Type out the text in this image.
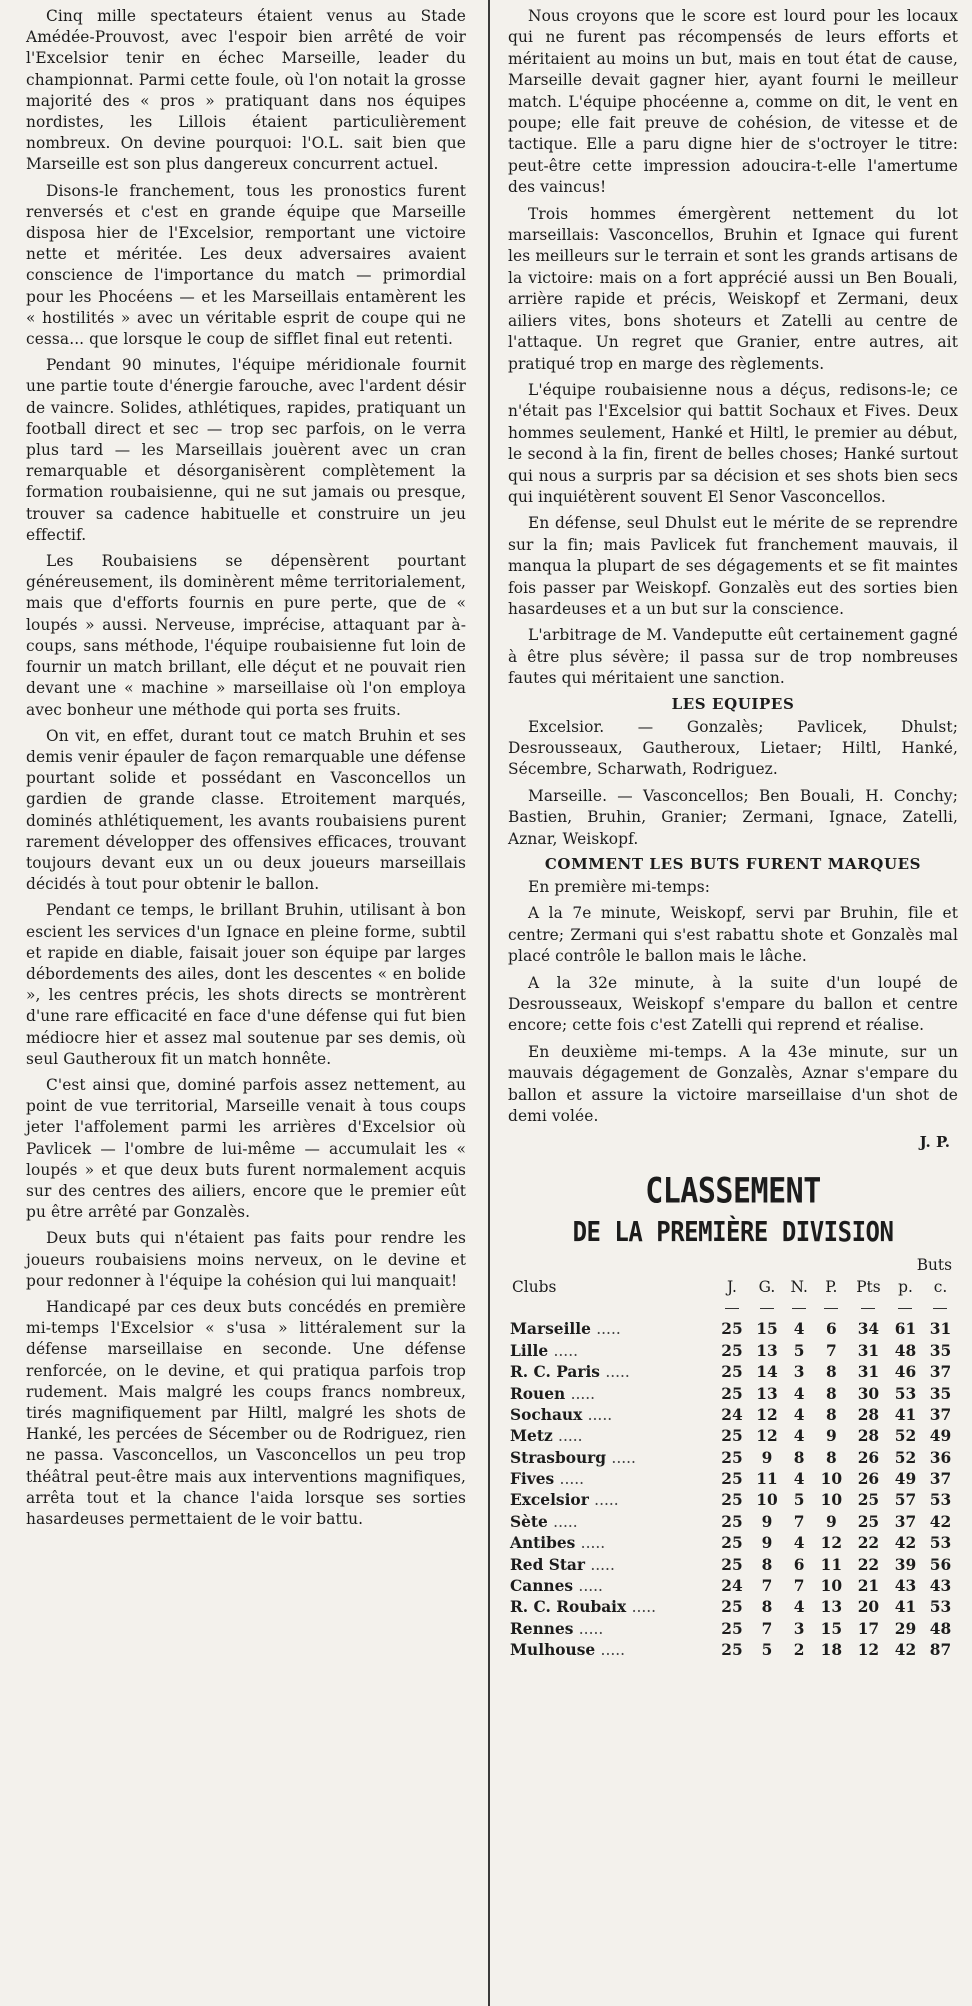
Cinq mille spectateurs étaient venus au Stade Amédée-Prouvost, avec l'espoir bien arrêté de voir l'Excelsior tenir en échec Marseille, leader du championnat. Parmi cette foule, où l'on notait la grosse majorité des « pros » pratiquant dans nos équipes nordistes, les Lillois étaient particulièrement nombreux. On devine pourquoi: l'O.L. sait bien que Marseille est son plus dangereux concurrent actuel.

Disons-le franchement, tous les pronostics furent renversés et c'est en grande équipe que Marseille disposa hier de l'Excelsior, remportant une victoire nette et méritée. Les deux adversaires avaient conscience de l'importance du match — primordial pour les Phocéens — et les Marseillais entamèrent les « hostilités » avec un véritable esprit de coupe qui ne cessa... que lorsque le coup de sifflet final eut retenti.

Pendant 90 minutes, l'équipe méridionale fournit une partie toute d'énergie farouche, avec l'ardent désir de vaincre. Solides, athlétiques, rapides, pratiquant un football direct et sec — trop sec parfois, on le verra plus tard — les Marseillais jouèrent avec un cran remarquable et désorganisèrent complètement la formation roubaisienne, qui ne sut jamais ou presque, trouver sa cadence habituelle et construire un jeu effectif.

Les Roubaisiens se dépensèrent pourtant généreusement, ils dominèrent même territorialement, mais que d'efforts fournis en pure perte, que de « loupés » aussi. Nerveuse, imprécise, attaquant par à-coups, sans méthode, l'équipe roubaisienne fut loin de fournir un match brillant, elle déçut et ne pouvait rien devant une « machine » marseillaise où l'on employa avec bonheur une méthode qui porta ses fruits.

On vit, en effet, durant tout ce match Bruhin et ses demis venir épauler de façon remarquable une défense pourtant solide et possédant en Vasconcellos un gardien de grande classe. Etroitement marqués, dominés athlétiquement, les avants roubaisiens purent rarement développer des offensives efficaces, trouvant toujours devant eux un ou deux joueurs marseillais décidés à tout pour obtenir le ballon.

Pendant ce temps, le brillant Bruhin, utilisant à bon escient les services d'un Ignace en pleine forme, subtil et rapide en diable, faisait jouer son équipe par larges débordements des ailes, dont les descentes « en bolide », les centres précis, les shots directs se montrèrent d'une rare efficacité en face d'une défense qui fut bien médiocre hier et assez mal soutenue par ses demis, où seul Gautheroux fit un match honnête.

C'est ainsi que, dominé parfois assez nettement, au point de vue territorial, Marseille venait à tous coups jeter l'affolement parmi les arrières d'Excelsior où Pavlicek — l'ombre de lui-même — accumulait les « loupés » et que deux buts furent normalement acquis sur des centres des ailiers, encore que le premier eût pu être arrêté par Gonzalès.

Deux buts qui n'étaient pas faits pour rendre les joueurs roubaisiens moins nerveux, on le devine et pour redonner à l'équipe la cohésion qui lui manquait!

Handicapé par ces deux buts concédés en première mi-temps l'Excelsior « s'usa » littéralement sur la défense marseillaise en seconde. Une défense renforcée, on le devine, et qui pratiqua parfois trop rudement. Mais malgré les coups francs nombreux, tirés magnifiquement par Hiltl, malgré les shots de Hanké, les percées de Sécember ou de Rodriguez, rien ne passa. Vasconcellos, un Vasconcellos un peu trop théâtral peut-être mais aux interventions magnifiques, arrêta tout et la chance l'aida lorsque ses sorties hasardeuses permettaient de le voir battu.

Nous croyons que le score est lourd pour les locaux qui ne furent pas récompensés de leurs efforts et méritaient au moins un but, mais en tout état de cause, Marseille devait gagner hier, ayant fourni le meilleur match. L'équipe phocéenne a, comme on dit, le vent en poupe; elle fait preuve de cohésion, de vitesse et de tactique. Elle a paru digne hier de s'octroyer le titre: peut-être cette impression adoucira-t-elle l'amertume des vaincus!

Trois hommes émergèrent nettement du lot marseillais: Vasconcellos, Bruhin et Ignace qui furent les meilleurs sur le terrain et sont les grands artisans de la victoire: mais on a fort apprécié aussi un Ben Bouali, arrière rapide et précis, Weiskopf et Zermani, deux ailiers vites, bons shoteurs et Zatelli au centre de l'attaque. Un regret que Granier, entre autres, ait pratiqué trop en marge des règlements.

L'équipe roubaisienne nous a déçus, redisons-le; ce n'était pas l'Excelsior qui battit Sochaux et Fives. Deux hommes seulement, Hanké et Hiltl, le premier au début, le second à la fin, firent de belles choses; Hanké surtout qui nous a surpris par sa décision et ses shots bien secs qui inquiétèrent souvent El Senor Vasconcellos.

En défense, seul Dhulst eut le mérite de se reprendre sur la fin; mais Pavlicek fut franchement mauvais, il manqua la plupart de ses dégagements et se fit maintes fois passer par Weiskopf. Gonzalès eut des sorties bien hasardeuses et a un but sur la conscience.

L'arbitrage de M. Vandeputte eût certainement gagné à être plus sévère; il passa sur de trop nombreuses fautes qui méritaient une sanction.

LES EQUIPES

Excelsior. — Gonzalès; Pavlicek, Dhulst; Desrousseaux, Gautheroux, Lietaer; Hiltl, Hanké, Sécembre, Scharwath, Rodriguez.

Marseille. — Vasconcellos; Ben Bouali, H. Conchy; Bastien, Bruhin, Granier; Zermani, Ignace, Zatelli, Aznar, Weiskopf.

COMMENT LES BUTS FURENT MARQUES

En première mi-temps:

A la 7e minute, Weiskopf, servi par Bruhin, file et centre; Zermani qui s'est rabattu shote et Gonzalès mal placé contrôle le ballon mais le lâche.

A la 32e minute, à la suite d'un loupé de Desrousseaux, Weiskopf s'empare du ballon et centre encore; cette fois c'est Zatelli qui reprend et réalise.

En deuxième mi-temps. A la 43e minute, sur un mauvais dégagement de Gonzalès, Aznar s'empare du ballon et assure la victoire marseillaise d'un shot de demi volée.

J. P.
CLASSEMENT
DE LA PREMIÈRE DIVISION
						Buts	
Clubs	J.	G.	N.	P.	Pts	p.	c.

Marseille .....	25	15	4	6	34	61	31
Lille .....	25	13	5	7	31	48	35
R. C. Paris .....	25	14	3	8	31	46	37
Rouen .....	25	13	4	8	30	53	35
Sochaux .....	24	12	4	8	28	41	37
Metz .....	25	12	4	9	28	52	49
Strasbourg .....	25	9	8	8	26	52	36
Fives .....	25	11	4	10	26	49	37
Excelsior .....	25	10	5	10	25	57	53
Sète .....	25	9	7	9	25	37	42
Antibes .....	25	9	4	12	22	42	53
Red Star .....	25	8	6	11	22	39	56
Cannes .....	24	7	7	10	21	43	43
R. C. Roubaix .....	25	8	4	13	20	41	53
Rennes .....	25	7	3	15	17	29	48
Mulhouse .....	25	5	2	18	12	42	87
